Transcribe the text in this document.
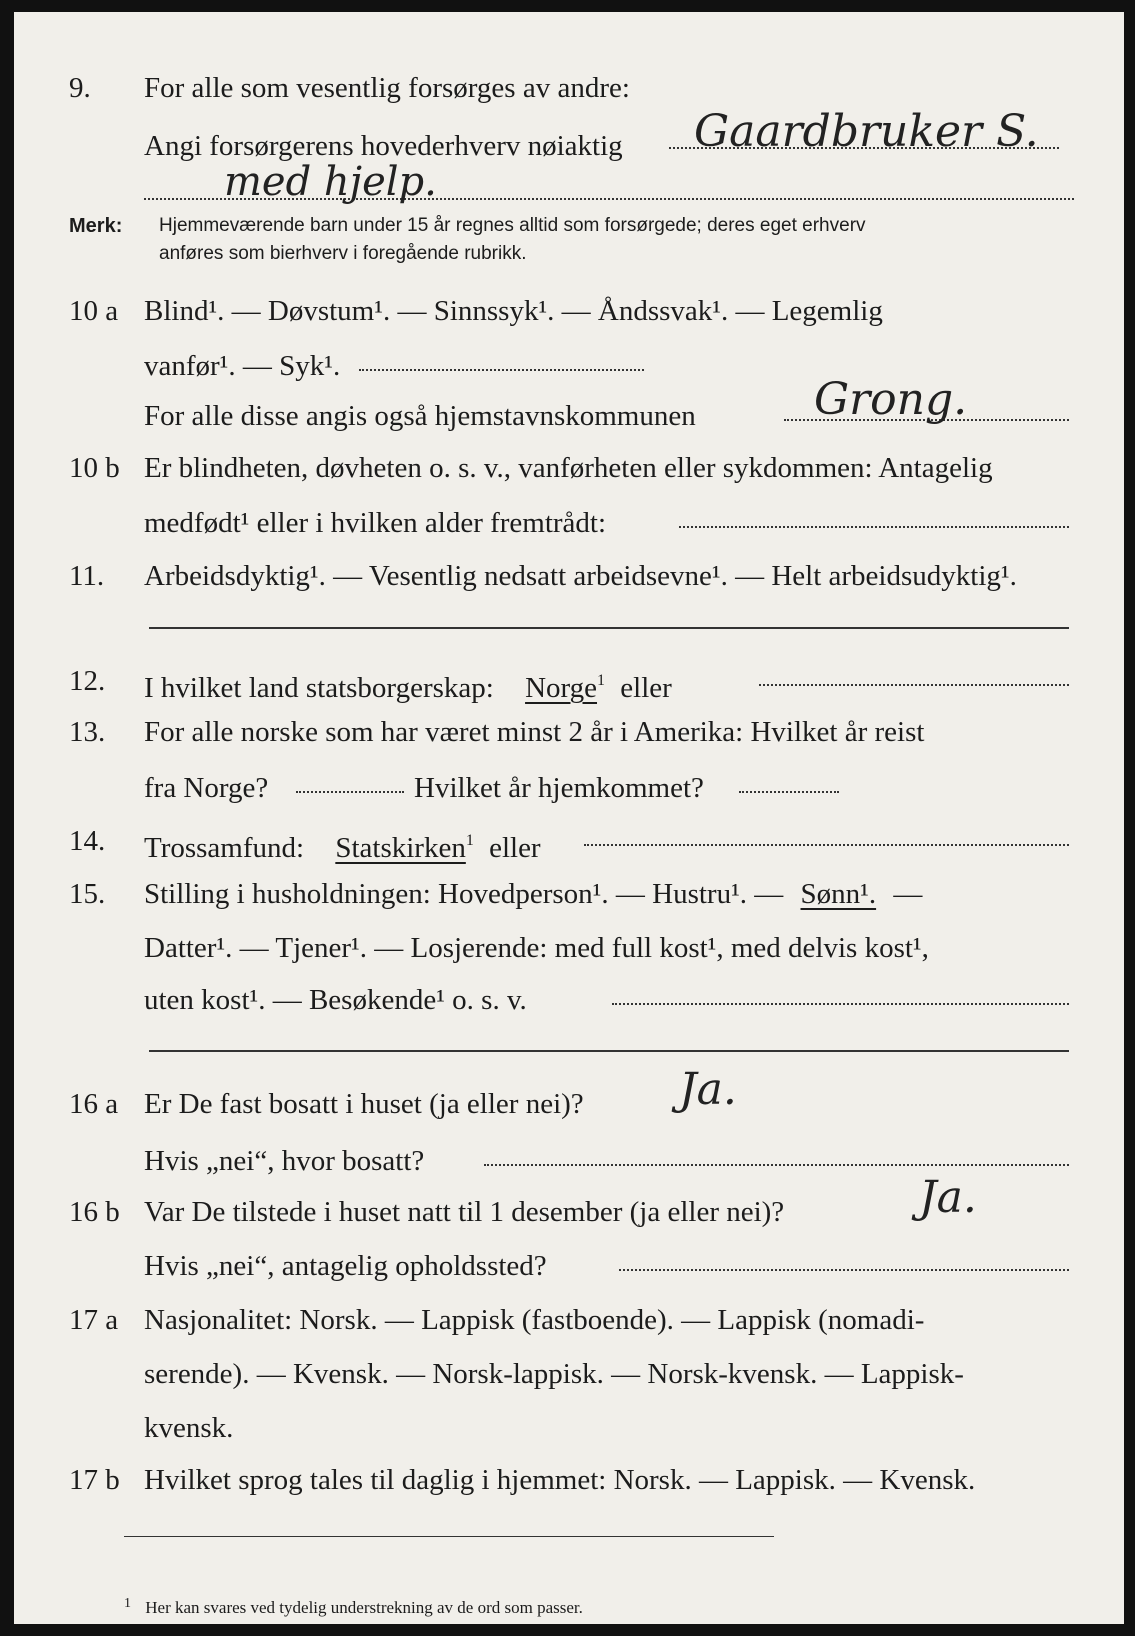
9. For alle som vesentlig forsørges av andre:
Angi forsørgerens hovederhverv nøiaktig Gaardbruker S.
med hjelp.
Merk: Hjemmeværende barn under 15 år regnes alltid som forsørgede; deres eget erhverv
anføres som bierhverv i foregående rubrikk.
10 a Blind¹. — Døvstum¹. — Sinnssyk¹. — Åndssvak¹. — Legemlig
vanfør¹. — Syk¹.
For alle disse angis også hjemstavnskommunen	Grong.
10 b Er blindheten, døvheten o. s. v., vanførheten eller sykdommen: Antagelig
medfødt¹ eller i hvilken alder fremtrådt:
11. Arbeidsdyktig¹. — Vesentlig nedsatt arbeidsevne¹. — Helt arbeidsudyktig¹.
12. I hvilket land statsborgerskap: Norge$^1$ eller
13. For alle norske som har været minst 2 år i Amerika: Hvilket år reist
fra Norge?	Hvilket år hjemkommet?
14. Trossamfund: Statskirken$^1$ eller
15. Stilling i husholdningen: Hovedperson¹. — Hustru¹. — Sønn¹. —
Datter¹. — Tjener¹. — Losjerende: med full kost¹, med delvis kost¹,
uten kost¹. — Besøkende¹ o. s. v.
16 a Er De fast bosatt i huset (ja eller nei)? Ja.
Hvis „nei“, hvor bosatt?
16 b Var De tilstede i huset natt til 1 desember (ja eller nei)?	Ja.
Hvis „nei“, antagelig opholdssted?
17 a Nasjonalitet: Norsk. — Lappisk (fastboende). — Lappisk (nomadi-
serende). — Kvensk. — Norsk-lappisk. — Norsk-kvensk. — Lappisk-
kvensk.
17 b Hvilket sprog tales til daglig i hjemmet: Norsk. — Lappisk. — Kvensk.
$^1$ Her kan svares ved tydelig understrekning av de ord som passer.
